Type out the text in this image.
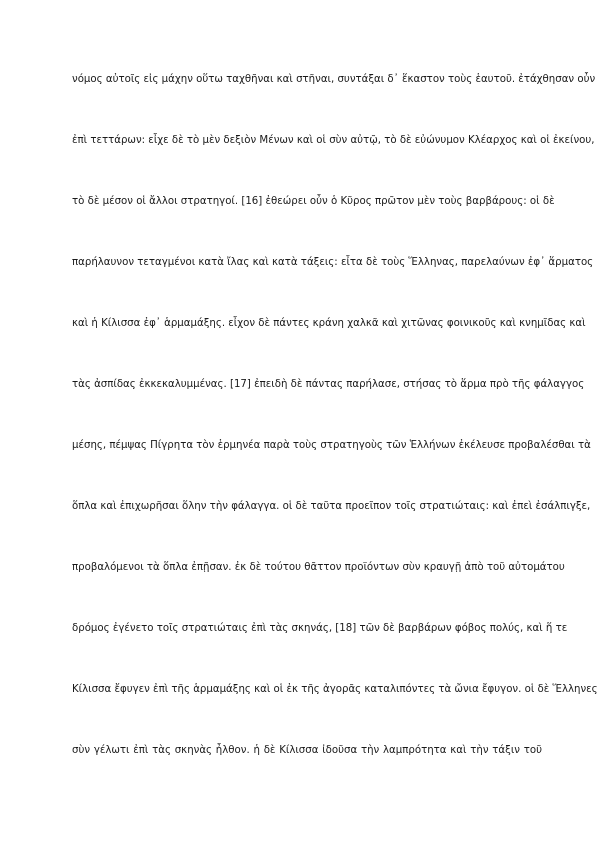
νόμος αὐτοῖς εἰς μάχην οὕτω ταχθῆναι καὶ στῆναι, συντάξαι δ᾽ ἕκαστον τοὺς ἑαυτοῦ. ἐτάχθησαν οὖν

ἐπὶ τεττάρων: εἶχε δὲ τὸ μὲν δεξιὸν Μένων καὶ οἱ σὺν αὐτῷ, τὸ δὲ εὐώνυμον Κλέαρχος καὶ οἱ ἐκείνου,

τὸ δὲ μέσον οἱ ἄλλοι στρατηγοί. [16] ἐθεώρει οὖν ὁ Κῦρος πρῶτον μὲν τοὺς βαρβάρους: οἱ δὲ

παρήλαυνον τεταγμένοι κατὰ ἴλας καὶ κατὰ τάξεις: εἶτα δὲ τοὺς Ἕλληνας, παρελαύνων ἐφ᾽ ἅρματος

καὶ ἡ Κίλισσα ἐφ᾽ ἁρμαμάξης. εἶχον δὲ πάντες κράνη χαλκᾶ καὶ χιτῶνας φοινικοῦς καὶ κνημῖδας καὶ

τὰς ἀσπίδας ἐκκεκαλυμμένας. [17] ἐπειδὴ δὲ πάντας παρήλασε, στήσας τὸ ἅρμα πρὸ τῆς φάλαγγος

μέσης, πέμψας Πίγρητα τὸν ἑρμηνέα παρὰ τοὺς στρατηγοὺς τῶν Ἑλλήνων ἐκέλευσε προβαλέσθαι τὰ

ὅπλα καὶ ἐπιχωρῆσαι ὅλην τὴν φάλαγγα. οἱ δὲ ταῦτα προεῖπον τοῖς στρατιώταις: καὶ ἐπεὶ ἐσάλπιγξε,

προβαλόμενοι τὰ ὅπλα ἐπῇσαν. ἐκ δὲ τούτου θᾶττον προϊόντων σὺν κραυγῇ ἀπὸ τοῦ αὐτομάτου

δρόμος ἐγένετο τοῖς στρατιώταις ἐπὶ τὰς σκηνάς, [18] τῶν δὲ βαρβάρων φόβος πολύς, καὶ ἥ τε

Κίλισσα ἔφυγεν ἐπὶ τῆς ἁρμαμάξης καὶ οἱ ἐκ τῆς ἀγορᾶς καταλιπόντες τὰ ὤνια ἔφυγον. οἱ δὲ Ἕλληνες

σὺν γέλωτι ἐπὶ τὰς σκηνὰς ἦλθον. ἡ δὲ Κίλισσα ἰδοῦσα τὴν λαμπρότητα καὶ τὴν τάξιν τοῦ
